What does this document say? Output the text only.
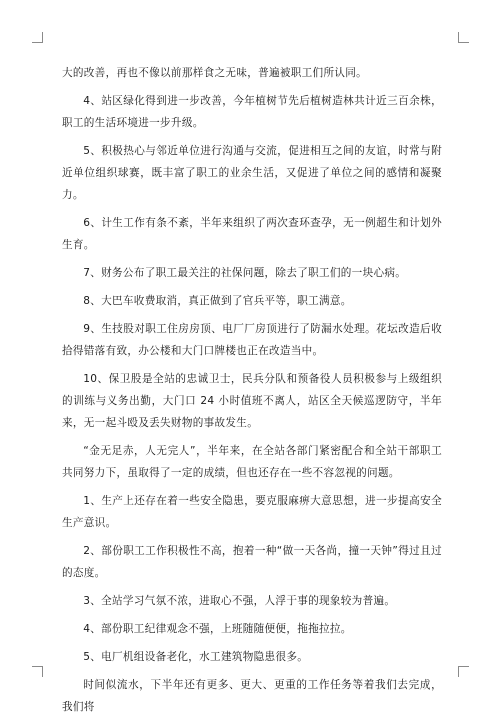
大的改善，再也不像以前那样食之无味，普遍被职工们所认同。

4、站区绿化得到进一步改善，今年植树节先后植树造林共计近三百余株，职工的生活环境进一步升级。

5、积极热心与邻近单位进行沟通与交流，促进相互之间的友谊，时常与附近单位组织球赛，既丰富了职工的业余生活，又促进了单位之间的感情和凝聚力。

6、计生工作有条不紊，半年来组织了两次查环查孕，无一例超生和计划外生育。

7、财务公布了职工最关注的社保问题，除去了职工们的一块心病。

8、大巴车收费取消，真正做到了官兵平等，职工满意。

9、生技股对职工住房房顶、电厂厂房顶进行了防漏水处理。花坛改造后收拾得错落有致，办公楼和大门口牌楼也正在改造当中。

10、保卫股是全站的忠诚卫士，民兵分队和预备役人员积极参与上级组织的训练与义务出勤，大门口 24 小时值班不离人，站区全天候巡逻防守，半年来，无一起斗殴及丢失财物的事故发生。

“金无足赤，人无完人”，半年来，在全站各部门紧密配合和全站干部职工共同努力下，虽取得了一定的成绩，但也还存在一些不容忽视的问题。

1、生产上还存在着一些安全隐患，要克服麻痹大意思想，进一步提高安全生产意识。

2、部份职工工作积极性不高，抱着一种“做一天各尚，撞一天钟”得过且过的态度。

3、全站学习气氛不浓，进取心不强，人浮于事的现象较为普遍。

4、部份职工纪律观念不强，上班随随便便，拖拖拉拉。

5、电厂机组设备老化，水工建筑物隐患很多。

时间似流水，下半年还有更多、更大、更重的工作任务等着我们去完成，我们将
